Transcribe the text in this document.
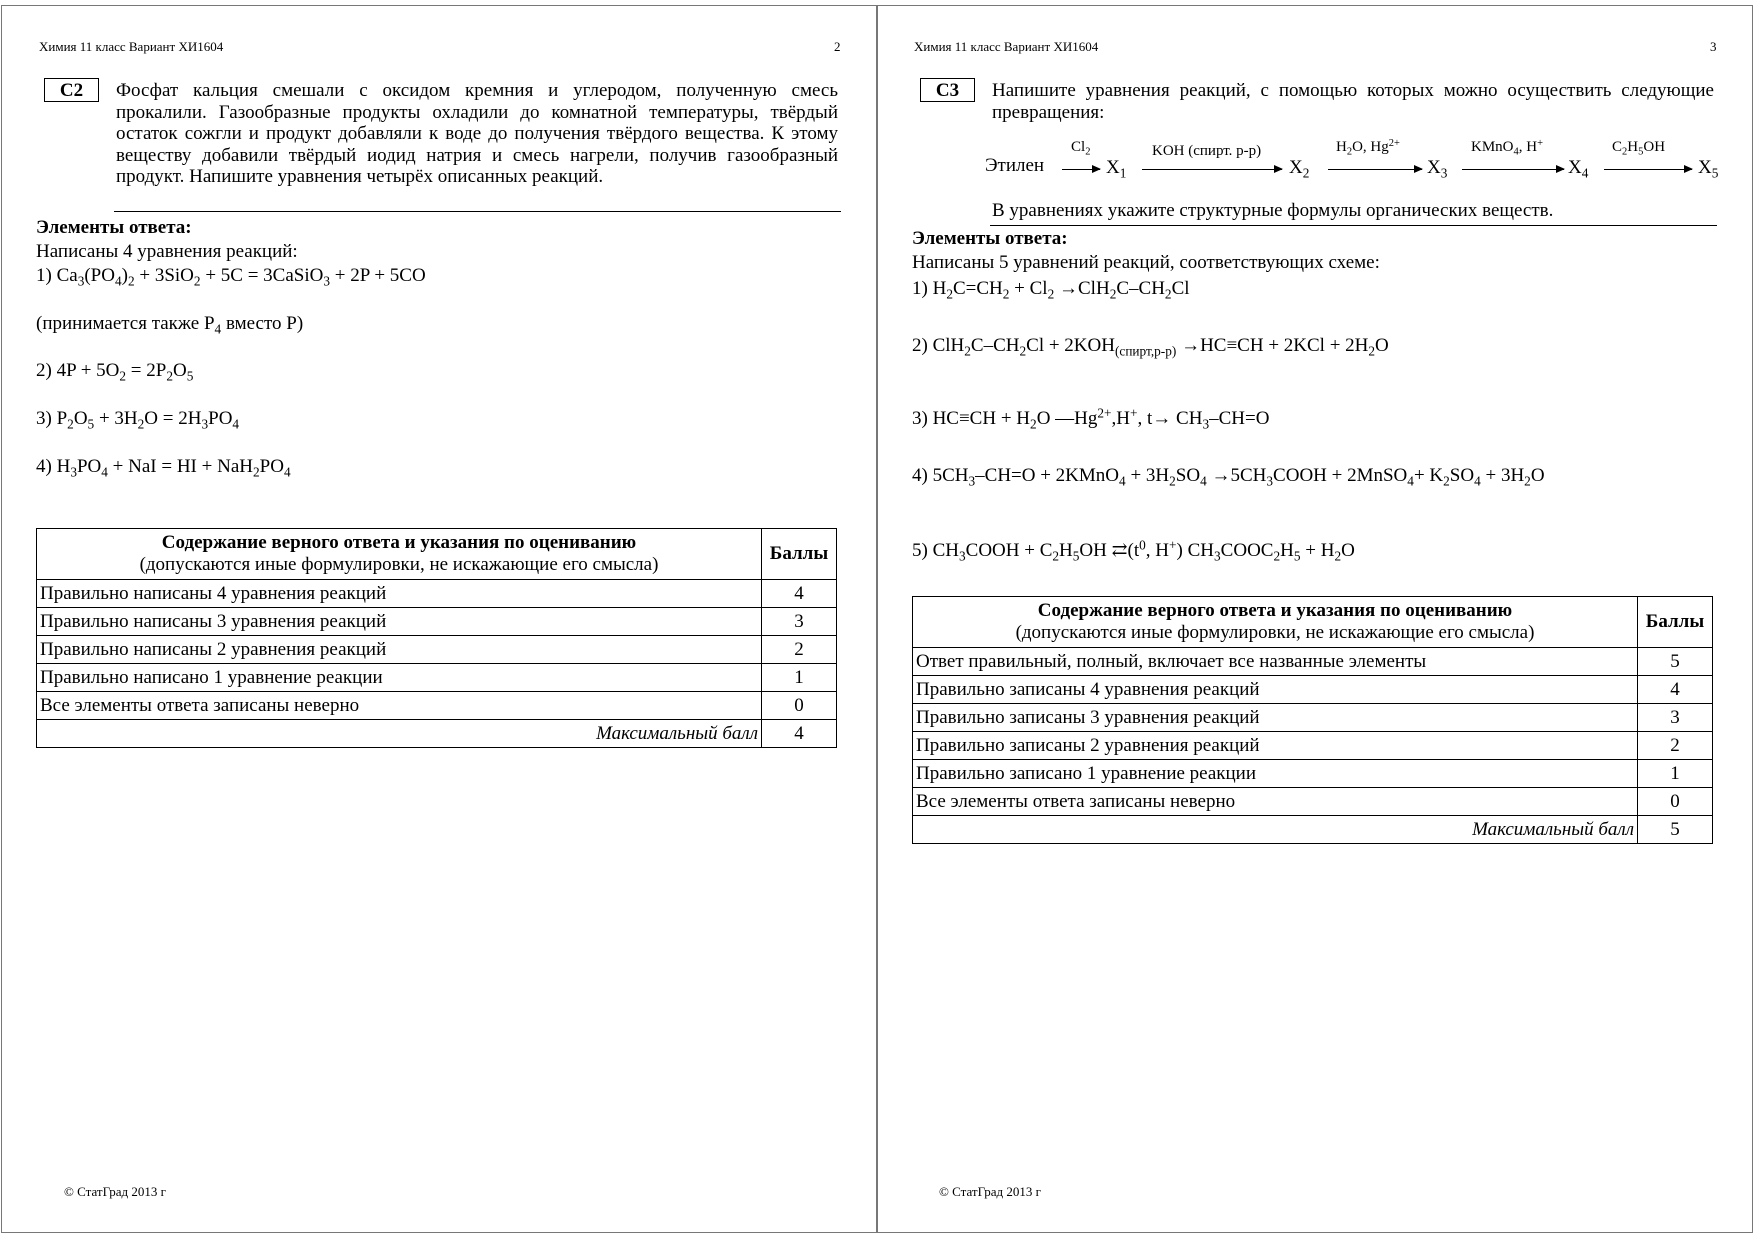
Химия 11 класс Вариант ХИ1604	2
С2	Фосфат кальция смешали с оксидом кремния и углеродом, полученную смесь прокалили. Газообразные продукты охладили до комнатной температуры, твёрдый остаток сожгли и продукт добавляли к воде до получения твёрдого вещества. К этому веществу добавили твёрдый иодид натрия и смесь нагрели, получив газообразный продукт. Напишите уравнения четырёх описанных реакций.
Элементы ответа:
Написаны 4 уравнения реакций:
1) $Ca_3(PO_4)_2 + 3SiO_2 + 5C$ = 3CaSiO$_3$ + 2P + 5CO
(принимается также $P_4$ вместо P)
2) $4P + 5O_2 = 2P_2O_5$
3) $P_2O_5 + 3H_2O = 2H_3PO_4$
4) $H_3PO_4$ + NaI = HI + $NaH_2PO_4$
Содержание верного ответа и указания по оцениванию
(допускаются иные формулировки, не искажающие его смысла)	Баллы
Правильно написаны 4 уравнения реакций	4
Правильно написаны 3 уравнения реакций	3
Правильно написаны 2 уравнения реакций	2
Правильно написано 1 уравнение реакции	1
Все элементы ответа записаны неверно	0
Максимальный балл	4
© СтатГрад 2013 г
Химия 11 класс Вариант ХИ1604	3
С3	Напишите уравнения реакций, с помощью которых можно осуществить следующие превращения:
Этилен
$Cl_2$
$X_1$
KOH (спирт. р-р)
$X_2$
$H_2O$, $Hg^{2+}$
$X_3$
KMnO$_4$, H+
$X_4$
$C_2H_5OH$
$X_5$
В уравнениях укажите структурные формулы органических веществ.
Элементы ответа:
Написаны 5 уравнений реакций, соответствующих схеме:
1) $H_2C=CH_2 + Cl_2 \to ClH_2C-CH_2Cl$
2) $ClH_2C-CH_2Cl + 2KOH_{(спирт,р-р)} \to HC\equiv CH + 2KCl + 2H_2O$
3) $HC\equiv CH + H_2O$ $—Hg^{2+},H^+$, $t\to CH_3-CH=O$
4) $5CH_3-CH=O$ + 2KMnO$_4$ + $3H_2SO_4$ $\to 5CH_3COOH$ + 2MnSO$_4$+ $K_2SO_4 + 3H_2O$
5) $CH_3COOH + C_2H_5OH$ $⇄(t^0$, H+) $CH_3COOC_2H_5 + H_2O$
Содержание верного ответа и указания по оцениванию
(допускаются иные формулировки, не искажающие его смысла)	Баллы
Ответ правильный, полный, включает все названные элементы	5
Правильно записаны 4 уравнения реакций	4
Правильно записаны 3 уравнения реакций	3
Правильно записаны 2 уравнения реакций	2
Правильно записано 1 уравнение реакции	1
Все элементы ответа записаны неверно	0
Максимальный балл	5
© СтатГрад 2013 г
